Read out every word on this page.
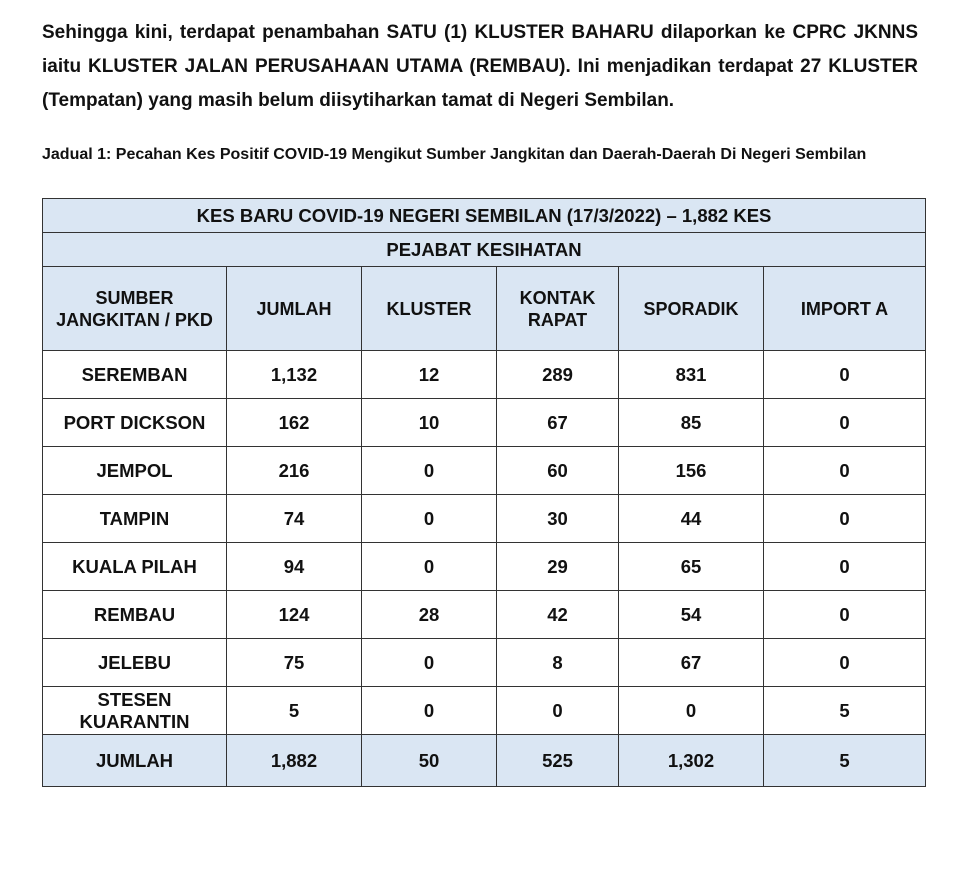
Sehingga kini, terdapat penambahan SATU (1) KLUSTER BAHARU dilaporkan ke CPRC JKNNS iaitu KLUSTER JALAN PERUSAHAAN UTAMA (REMBAU). Ini menjadikan terdapat 27 KLUSTER (Tempatan) yang masih belum diisytiharkan tamat di Negeri Sembilan.
Jadual 1: Pecahan Kes Positif COVID-19 Mengikut Sumber Jangkitan dan Daerah-Daerah Di Negeri Sembilan
KES BARU COVID-19 NEGERI SEMBILAN (17/3/2022) – 1,882 KES					
PEJABAT KESIHATAN					
SUMBER JANGKITAN / PKD	JUMLAH	KLUSTER	KONTAK RAPAT	SPORADIK	IMPORT A
SEREMBAN	1,132	12	289	831	0
PORT DICKSON	162	10	67	85	0
JEMPOL	216	0	60	156	0
TAMPIN	74	0	30	44	0
KUALA PILAH	94	0	29	65	0
REMBAU	124	28	42	54	0
JELEBU	75	0	8	67	0
STESEN KUARANTIN	5	0	0	0	5
JUMLAH	1,882	50	525	1,302	5
